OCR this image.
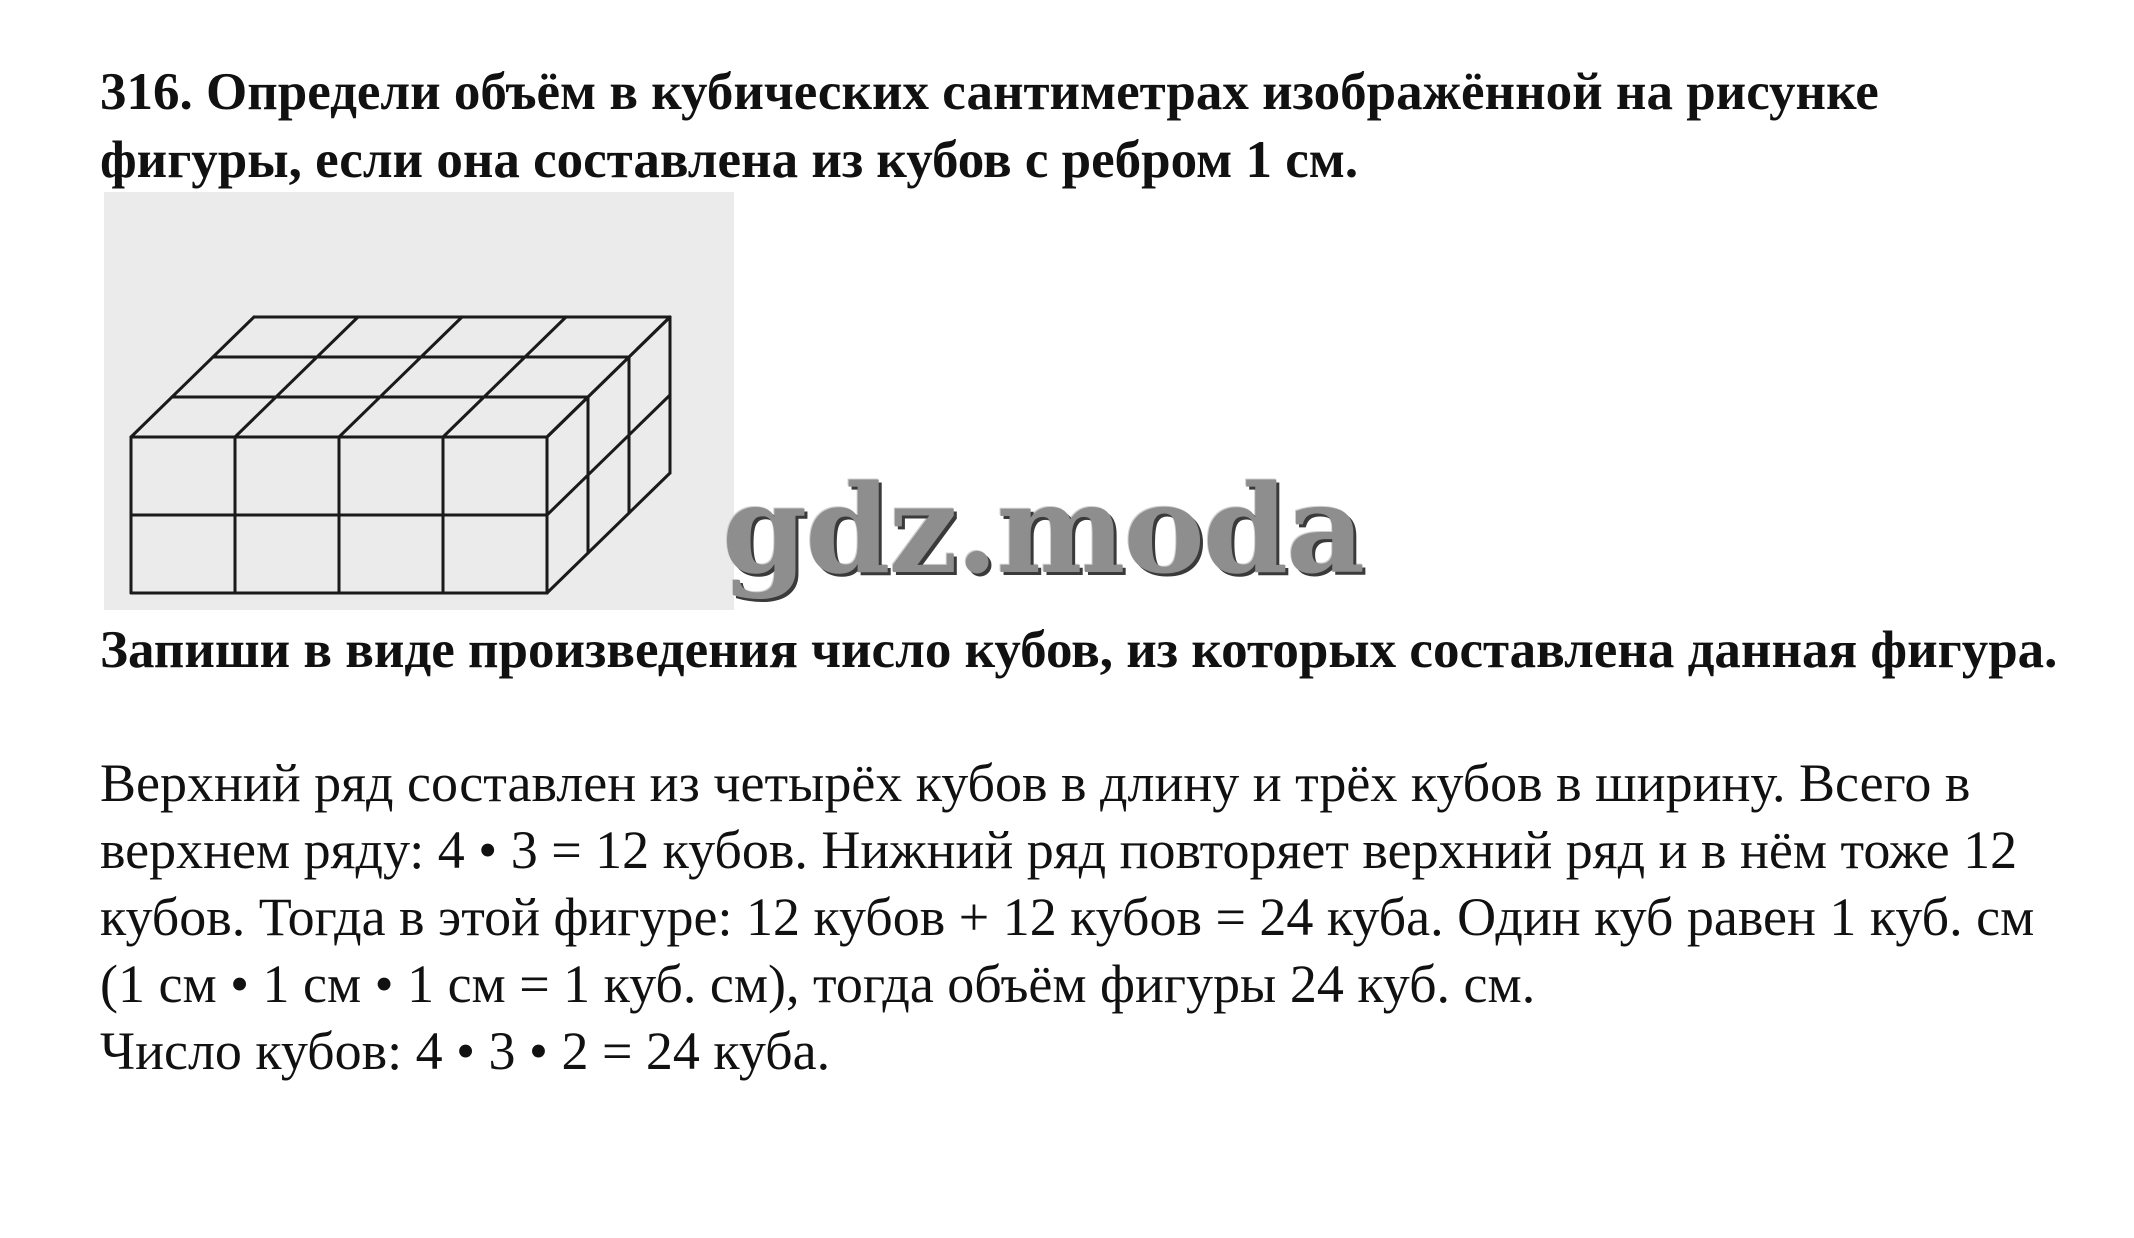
316. Определи объём в кубических сантиметрах изображённой на рисунке фигуры, если она составлена из кубов с ребром 1 см.

gdz.moda

Запиши в виде произведения число кубов, из которых составлена данная фигура.

Верхний ряд составлен из четырёх кубов в длину и трёх кубов в ширину. Всего в верхнем ряду: 4 • 3 = 12 кубов. Нижний ряд повторяет верхний ряд и в нём тоже 12 кубов. Тогда в этой фигуре: 12 кубов + 12 кубов = 24 куба. Один куб равен 1 куб. см (1 см • 1 см • 1 см = 1 куб. см), тогда объём фигуры 24 куб. см.

Число кубов: 4 • 3 • 2 = 24 куба.
